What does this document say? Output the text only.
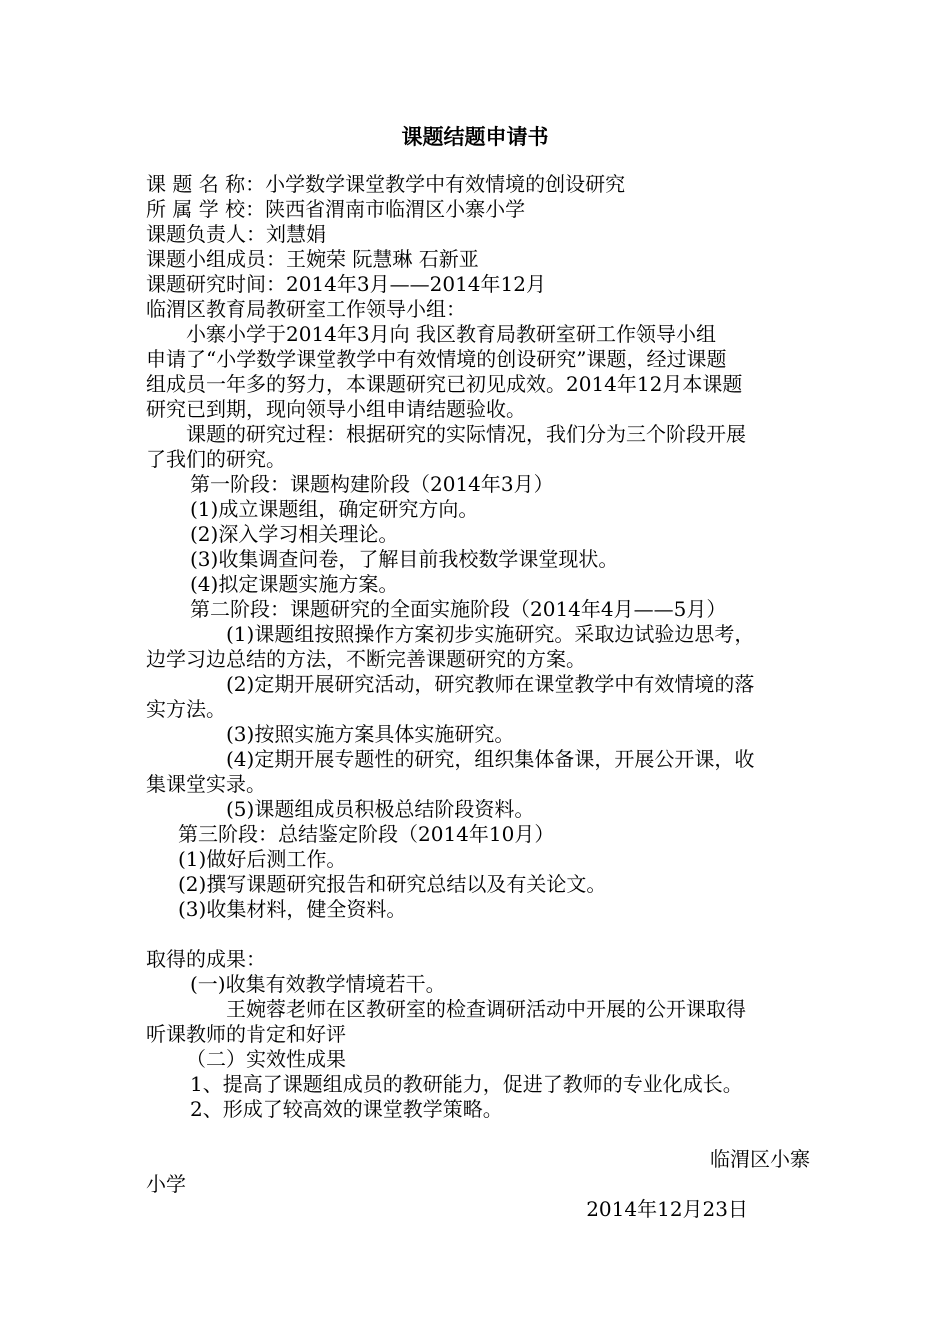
课题结题申请书
课 题 名 称：小学数学课堂教学中有效情境的创设研究
所 属 学 校：陕西省渭南市临渭区小寨小学
课题负责人：刘慧娟
课题小组成员：王婉荣 阮慧琳 石新亚
课题研究时间：2014年3月——2014年12月
临渭区教育局教研室工作领导小组：
小寨小学于2014年3月向 我区教育局教研室研工作领导小组
申请了“小学数学课堂教学中有效情境的创设研究”课题，经过课题
组成员一年多的努力，本课题研究已初见成效。2014年12月本课题
研究已到期，现向领导小组申请结题验收。
课题的研究过程：根据研究的实际情况，我们分为三个阶段开展
了我们的研究。
第一阶段：课题构建阶段（2014年3月）
(1)成立课题组，确定研究方向。
(2)深入学习相关理论。
(3)收集调查问卷，了解目前我校数学课堂现状。
(4)拟定课题实施方案。
第二阶段：课题研究的全面实施阶段（2014年4月——5月）
(1)课题组按照操作方案初步实施研究。采取边试验边思考，
边学习边总结的方法，不断完善课题研究的方案。
(2)定期开展研究活动，研究教师在课堂教学中有效情境的落
实方法。
(3)按照实施方案具体实施研究。
(4)定期开展专题性的研究，组织集体备课，开展公开课，收
集课堂实录。
(5)课题组成员积极总结阶段资料。
第三阶段：总结鉴定阶段（2014年10月）
(1)做好后测工作。
(2)撰写课题研究报告和研究总结以及有关论文。
(3)收集材料，健全资料。
取得的成果：
(一)收集有效教学情境若干。
王婉蓉老师在区教研室的检查调研活动中开展的公开课取得
听课教师的肯定和好评
（二）实效性成果
1、提高了课题组成员的教研能力，促进了教师的专业化成长。
2、形成了较高效的课堂教学策略。
临渭区小寨
小学
2014年12月23日
